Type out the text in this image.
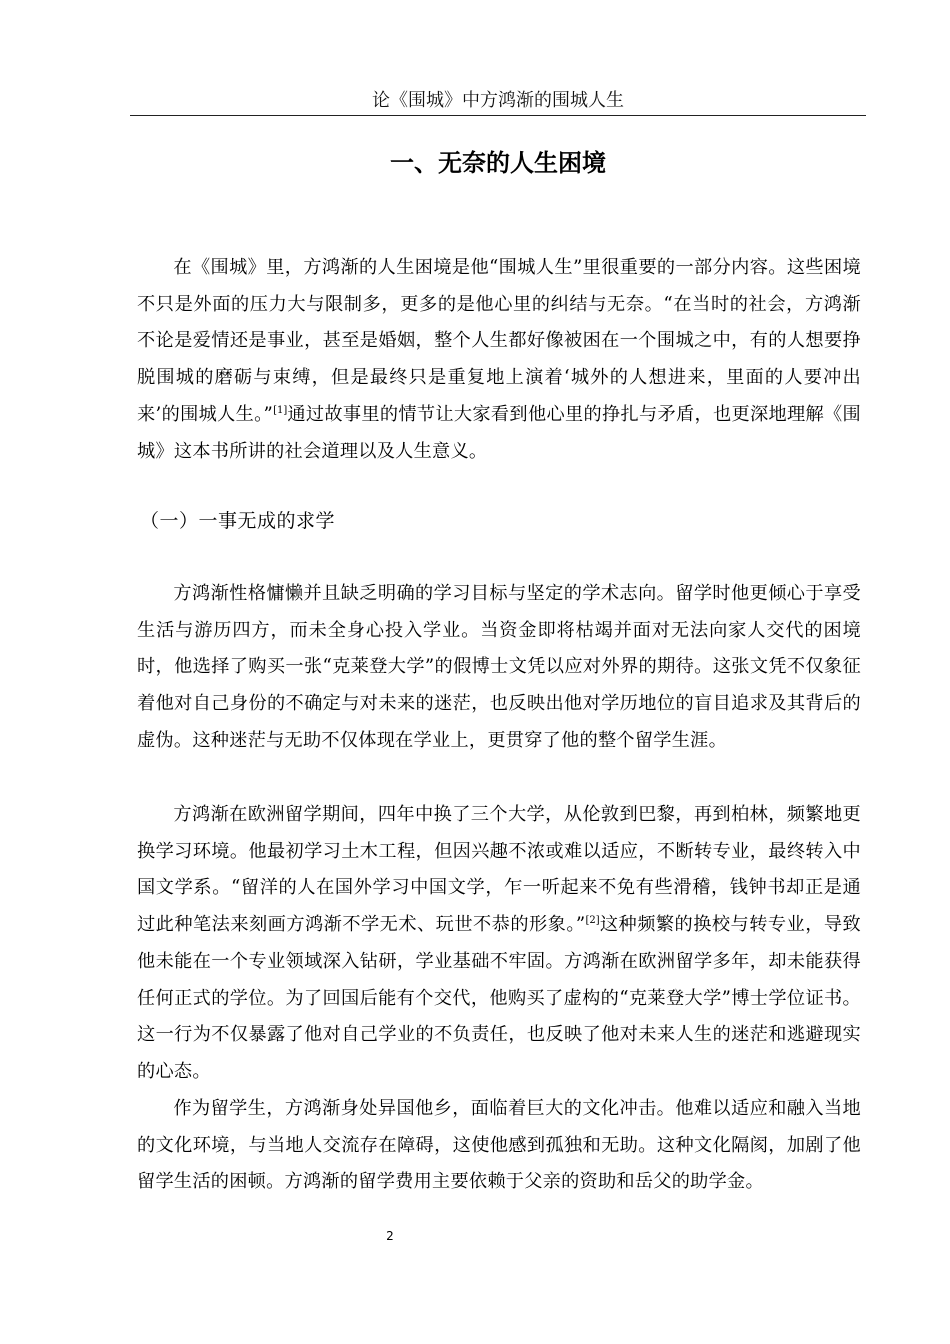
论《围城》中方鸿渐的围城人生
一、无奈的人生困境

在《围城》里，方鸿渐的人生困境是他“围城人生”里很重要的一部分内容。这些困境不只是外面的压力大与限制多，更多的是他心里的纠结与无奈。“在当时的社会，方鸿渐不论是爱情还是事业，甚至是婚姻，整个人生都好像被困在一个围城之中，有的人想要挣脱围城的磨砺与束缚，但是最终只是重复地上演着‘城外的人想进来，里面的人要冲出来’的围城人生。”[1]通过故事里的情节让大家看到他心里的挣扎与矛盾，也更深地理解《围城》这本书所讲的社会道理以及人生意义。

（一）一事无成的求学

方鸿渐性格慵懒并且缺乏明确的学习目标与坚定的学术志向。留学时他更倾心于享受生活与游历四方，而未全身心投入学业。当资金即将枯竭并面对无法向家人交代的困境时，他选择了购买一张“克莱登大学”的假博士文凭以应对外界的期待。这张文凭不仅象征着他对自己身份的不确定与对未来的迷茫，也反映出他对学历地位的盲目追求及其背后的虚伪。这种迷茫与无助不仅体现在学业上，更贯穿了他的整个留学生涯。

方鸿渐在欧洲留学期间，四年中换了三个大学，从伦敦到巴黎，再到柏林，频繁地更换学习环境。他最初学习土木工程，但因兴趣不浓或难以适应，不断转专业，最终转入中国文学系。“留洋的人在国外学习中国文学，乍一听起来不免有些滑稽，钱钟书却正是通过此种笔法来刻画方鸿渐不学无术、玩世不恭的形象。”[2]这种频繁的换校与转专业，导致他未能在一个专业领域深入钻研，学业基础不牢固。方鸿渐在欧洲留学多年，却未能获得任何正式的学位。为了回国后能有个交代，他购买了虚构的“克莱登大学”博士学位证书。这一行为不仅暴露了他对自己学业的不负责任，也反映了他对未来人生的迷茫和逃避现实的心态。

作为留学生，方鸿渐身处异国他乡，面临着巨大的文化冲击。他难以适应和融入当地的文化环境，与当地人交流存在障碍，这使他感到孤独和无助。这种文化隔阂，加剧了他留学生活的困顿。方鸿渐的留学费用主要依赖于父亲的资助和岳父的助学金。

2
